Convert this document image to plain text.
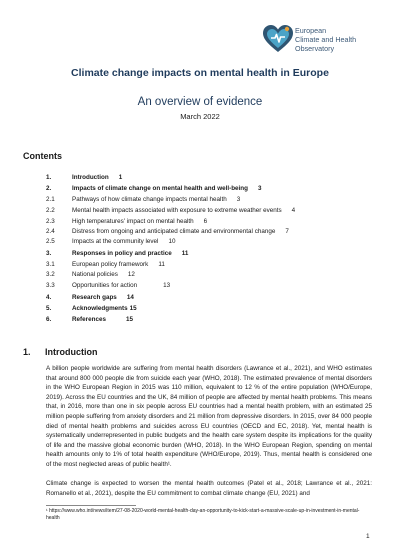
European
Climate and Health
Observatory
Climate change impacts on mental health in Europe
An overview of evidence
March 2022
Contents
1.	Introduction 1
2.	Impacts of climate change on mental health and well-being 3
2.1	Pathways of how climate change impacts mental health 3
2.2	Mental health impacts associated with exposure to extreme weather events 4
2.3	High temperatures' impact on mental health 6
2.4	Distress from ongoing and anticipated climate and environmental change 7
2.5	Impacts at the community level 10
3.	Responses in policy and practice 11
3.1	European policy framework 11
3.2	National policies 12
3.3	Opportunities for action	13
4.	Research gaps 14
5.	Acknowledgments 15
6.	References	15
1. Introduction
A billion people worldwide are suffering from mental health disorders (Lawrance et al., 2021), and WHO estimates that around 800 000 people die from suicide each year (WHO, 2018). The estimated prevalence of mental disorders in the WHO European Region in 2015 was 110 million, equivalent to 12 % of the entire population (WHO/Europe, 2019). Across the EU countries and the UK, 84 million of people are affected by mental health problems. This means that, in 2016, more than one in six people across EU countries had a mental health problem, with an estimated 25 million people suffering from anxiety disorders and 21 million from depressive disorders. In 2015, over 84 000 people died of mental health problems and suicides across EU countries (OECD and EC, 2018). Yet, mental health is systematically underrepresented in public budgets and the health care system despite its implications for the quality of life and the massive global economic burden (WHO, 2018). In the WHO European Region, spending on mental health amounts only to 1% of total health expenditure (WHO/Europe, 2019). Thus, mental health is considered one of the most neglected areas of public health¹.
Climate change is expected to worsen the mental health outcomes (Patel et al., 2018; Lawrance et al., 2021: Romanello et al., 2021), despite the EU commitment to combat climate change (EU, 2021) and
¹ https://www.who.int/news/item/27-08-2020-world-mental-health-day-an-opportunity-to-kick-start-a-massive-scale-up-in-investment-in-mental-health
1
